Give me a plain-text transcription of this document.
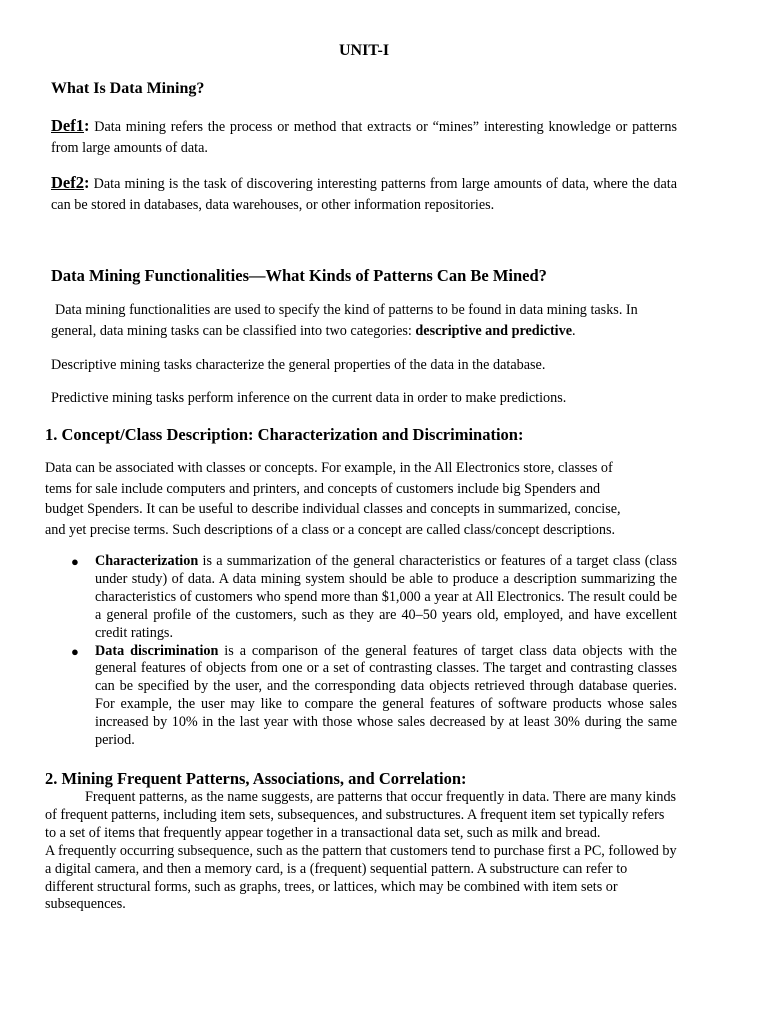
UNIT-I
What Is Data Mining?

Def1: Data mining refers the process or method that extracts or “mines” interesting knowledge or patterns from large amounts of data.

Def2: Data mining is the task of discovering interesting patterns from large amounts of data, where the data can be stored in databases, data warehouses, or other information repositories.

Data Mining Functionalities—What Kinds of Patterns Can Be Mined?

Data mining functionalities are used to specify the kind of patterns to be found in data mining tasks. In general, data mining tasks can be classified into two categories: descriptive and predictive.

Descriptive mining tasks characterize the general properties of the data in the database.

Predictive mining tasks perform inference on the current data in order to make predictions.

1. Concept/Class Description: Characterization and Discrimination:
Data can be associated with classes or concepts. For example, in the All Electronics store, classes of
tems for sale include computers and printers, and concepts of customers include big Spenders and
budget Spenders. It can be useful to describe individual classes and concepts in summarized, concise,
and yet precise terms. Such descriptions of a class or a concept are called class/concept descriptions.
● Characterization is a summarization of the general characteristics or features of a target class (class under study) of data. A data mining system should be able to produce a description summarizing the characteristics of customers who spend more than $1,000 a year at All Electronics. The result could be a general profile of the customers, such as they are 40–50 years old, employed, and have excellent credit ratings.
● Data discrimination is a comparison of the general features of target class data objects with the general features of objects from one or a set of contrasting classes. The target and contrasting classes can be specified by the user, and the corresponding data objects retrieved through database queries. For example, the user may like to compare the general features of software products whose sales increased by 10% in the last year with those whose sales decreased by at least 30% during the same period.
2. Mining Frequent Patterns, Associations, and Correlation:
Frequent patterns, as the name suggests, are patterns that occur frequently in data. There are many kinds of frequent patterns, including item sets, subsequences, and substructures. A frequent item set typically refers to a set of items that frequently appear together in a transactional data set, such as milk and bread.
A frequently occurring subsequence, such as the pattern that customers tend to purchase first a PC, followed by a digital camera, and then a memory card, is a (frequent) sequential pattern. A substructure can refer to different structural forms, such as graphs, trees, or lattices, which may be combined with item sets or subsequences.
